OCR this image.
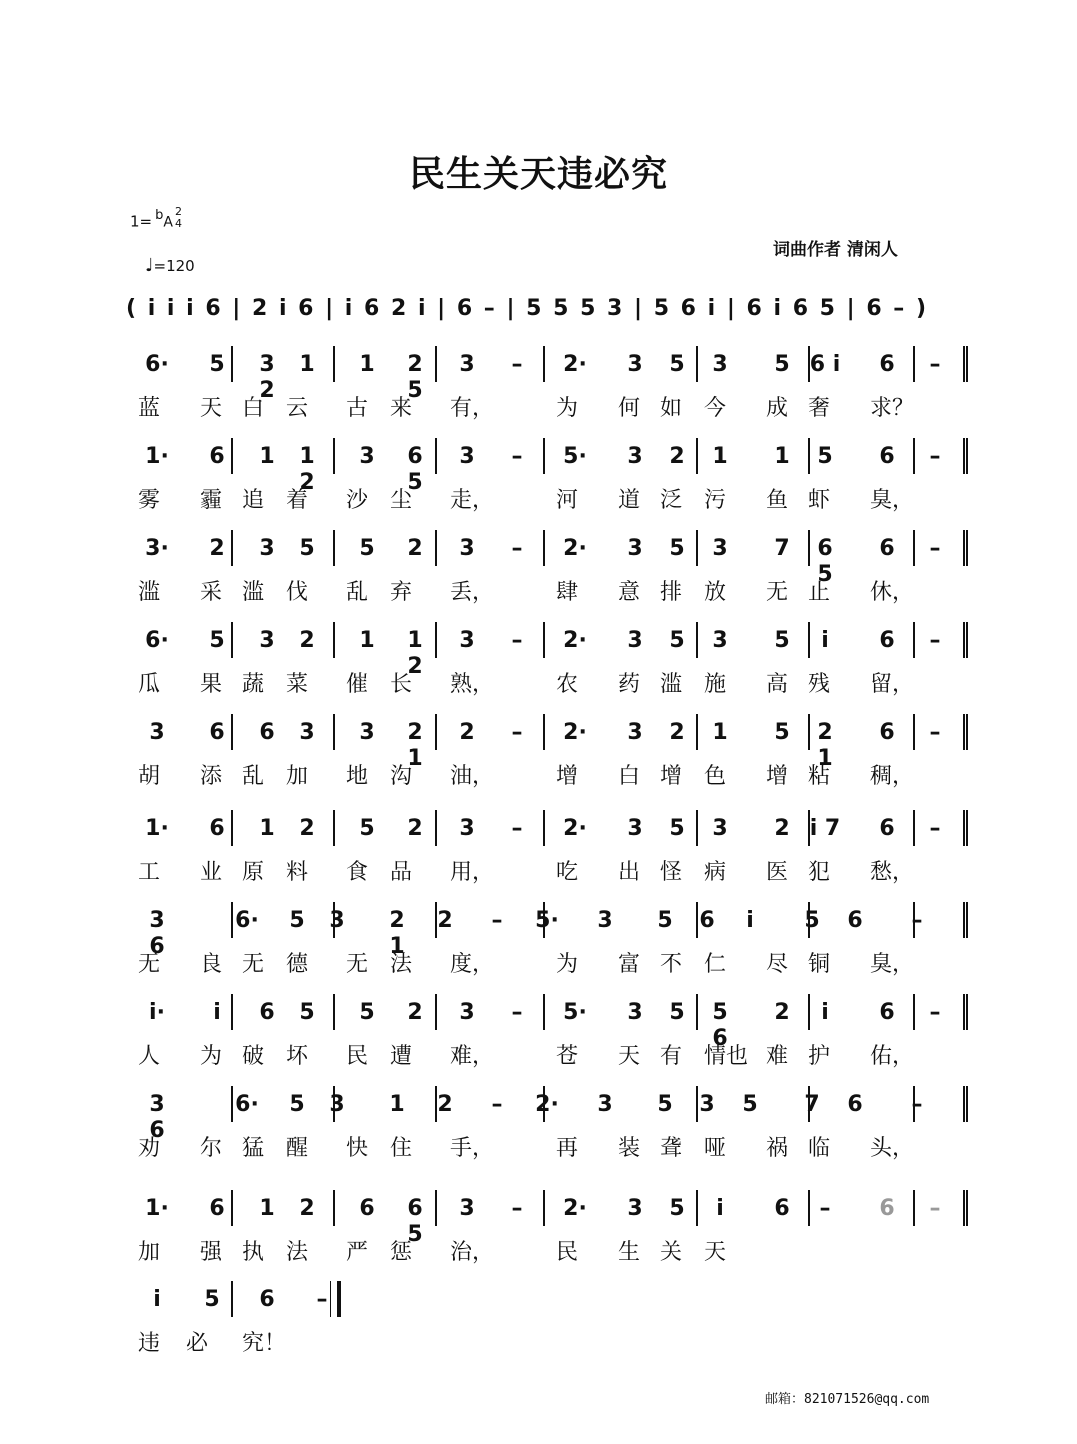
民生关天违必究
1= bA
2
4
♩=120
词曲作者 清闲人
( i i i 6 | 2 i 6 | i 6 2 i | 6 – | 5 5 5 3 | 5 6 i | 6 i 6 5 | 6 – )
6·	5	3 2
1	1	2 5
3	–	2·	3	5	3	5 6 i	6	–
蓝 天 白 云 古 来 有，	为 何 如 今 成 奢 求？
1·	6	1	1 2
3	6 5
3	–	5·	3	2	1	1	5	6	–
雾 霾 追 着 沙 尘 走，	河 道 泛 污 鱼 虾 臭，
3·	2	3	5	5	2	3	–	2·	3	5	3	7	6 5
6	–
滥 采 滥 伐 乱 弃 丢，	肆 意 排 放 无 止 休，
6·	5	3	2	1	1 2
3	–	2·	3	5	3	5	i	6	–
瓜 果 蔬 菜 催 长 熟，	农 药 滥 施 高 残 留，
3	6	6	3	3	2 1
2	–	2·	3	2	1	5	2 1
6	–
胡 添 乱 加 地 沟 油，	增 白 增 色 增 粘 稠，
1·	6	1	2	5	2	3	–	2·	3	5	3	2 i 7	6	–
工 业 原 料 食 品 用，	吃 出 怪 病 医 犯 愁，
3 6
6·	5	3	2 1
2	–	5·	3	5	6	i	5	6	–
无 良 无 德 无 法 度，	为 富 不 仁 尽 铜 臭，
i·	i	6	5	5	2	3	–	5·	3	5	5 6
2	i	6	–
人 为 破 坏 民 遭 难，	苍 天 有 情也 难 护 佑，
3 6
6·	5	3	1	2	–	2·	3	5	3	5	7	6	–
劝 尔 猛 醒 快 住 手，	再 装 聋 哑 祸 临 头，
1·	6	1	2	6	6 5
3	–	2·	3	5	i	6	–	6	–
加 强 执 法 严 惩 治，	民 生 关 天
i	5	6	–
违 必 究！
邮箱：821071526@qq.com
